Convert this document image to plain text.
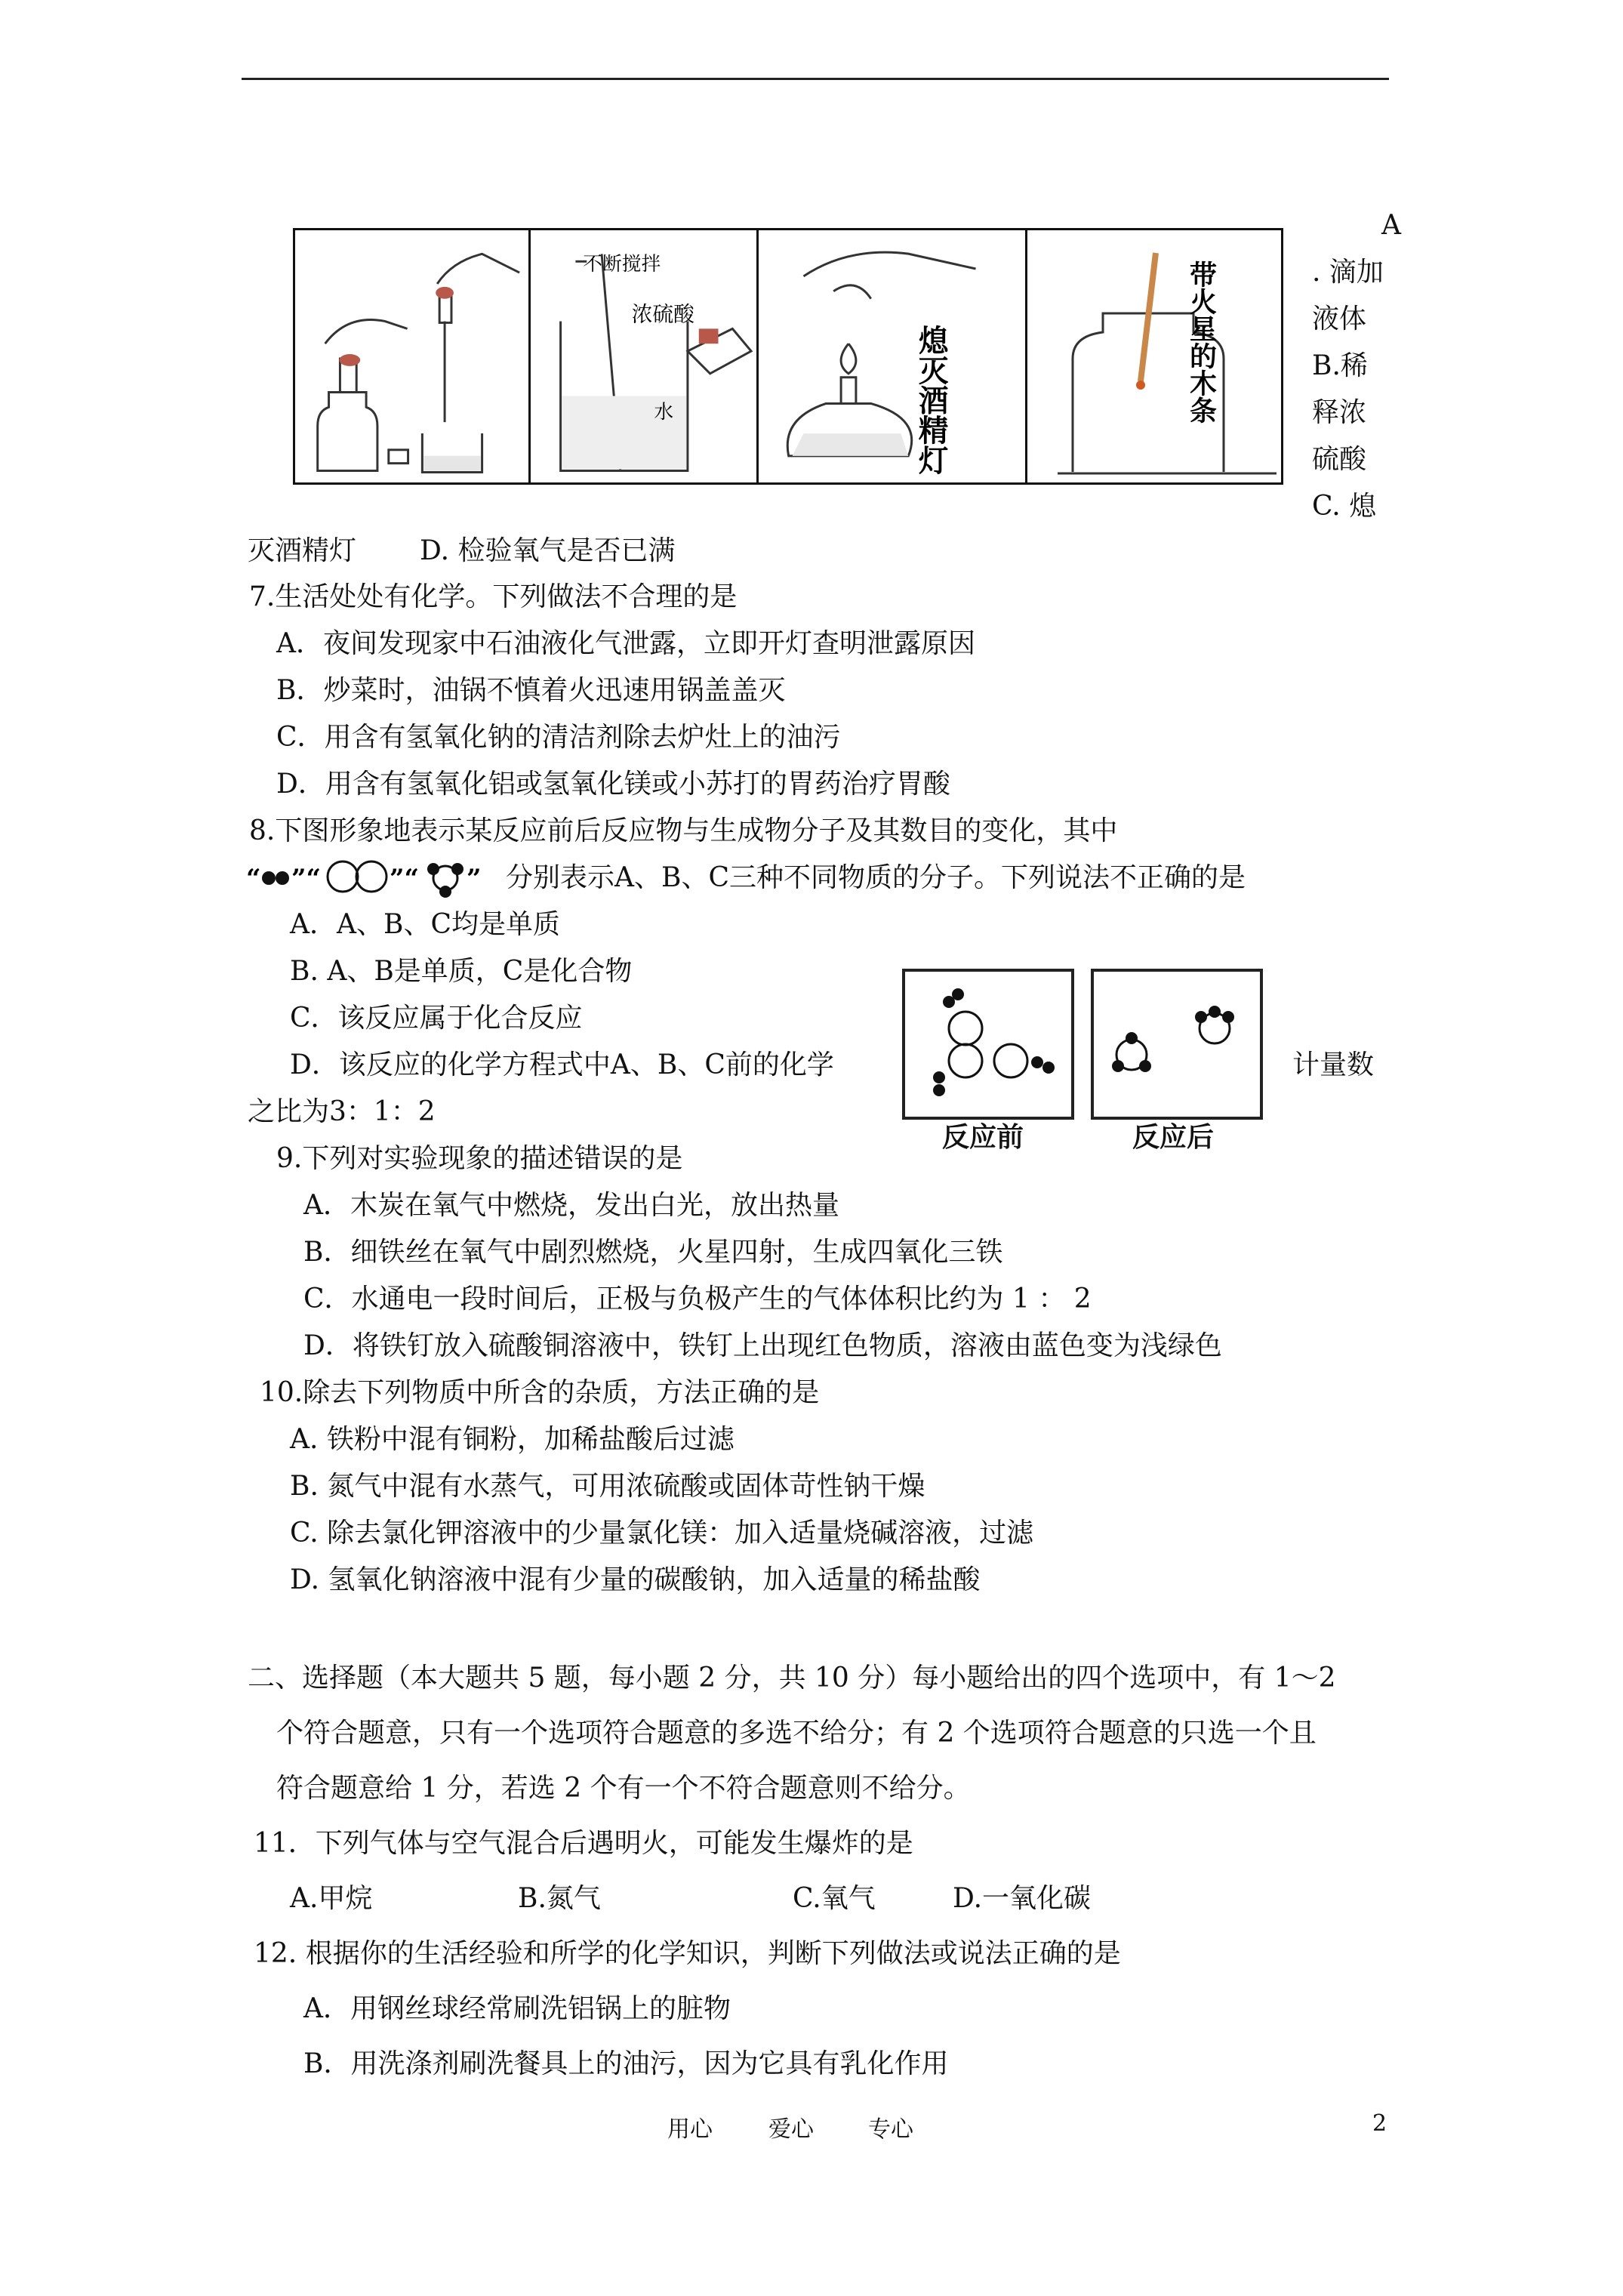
不断搅拌
浓硫酸
水	熄灭酒精灯	带火星的木条
A
. 滴加
液体
B.稀
释浓
硫酸
C. 熄
灭酒精灯 D. 检验氧气是否已满
7.生活处处有化学。下列做法不合理的是
A．夜间发现家中石油液化气泄露，立即开灯查明泄露原因
B．炒菜时，油锅不慎着火迅速用锅盖盖灭
C．用含有氢氧化钠的清洁剂除去炉灶上的油污
D．用含有氢氧化铝或氢氧化镁或小苏打的胃药治疗胃酸
8.下图形象地表示某反应前后反应物与生成物分子及其数目的变化，其中
“ ”“	”“ ” 分别表示A、B、C三种不同物质的分子。下列说法不正确的是
A．A、B、C均是单质
B. A、B是单质，C是化合物
C．该反应属于化合反应
D．该反应的化学方程式中A、B、C前的化学	计量数
之比为3：1：2
反应前	反应后
9.下列对实验现象的描述错误的是
A．木炭在氧气中燃烧，发出白光，放出热量
B．细铁丝在氧气中剧烈燃烧，火星四射，生成四氧化三铁
C．水通电一段时间后，正极与负极产生的气体体积比约为 1 ： 2
D．将铁钉放入硫酸铜溶液中，铁钉上出现红色物质，溶液由蓝色变为浅绿色
10.除去下列物质中所含的杂质，方法正确的是
A. 铁粉中混有铜粉，加稀盐酸后过滤
B. 氮气中混有水蒸气，可用浓硫酸或固体苛性钠干燥
C. 除去氯化钾溶液中的少量氯化镁：加入适量烧碱溶液，过滤
D. 氢氧化钠溶液中混有少量的碳酸钠，加入适量的稀盐酸
二、选择题（本大题共 5 题，每小题 2 分，共 10 分）每小题给出的四个选项中，有 1～2
个符合题意，只有一个选项符合题意的多选不给分；有 2 个选项符合题意的只选一个且
符合题意给 1 分，若选 2 个有一个不符合题意则不给分。
11．下列气体与空气混合后遇明火，可能发生爆炸的是
A.甲烷	B.氮气	C.氧气	D.一氧化碳
12. 根据你的生活经验和所学的化学知识，判断下列做法或说法正确的是
A．用钢丝球经常刷洗铝锅上的脏物
B．用洗涤剂刷洗餐具上的油污，因为它具有乳化作用
用心 爱心 专心	2
